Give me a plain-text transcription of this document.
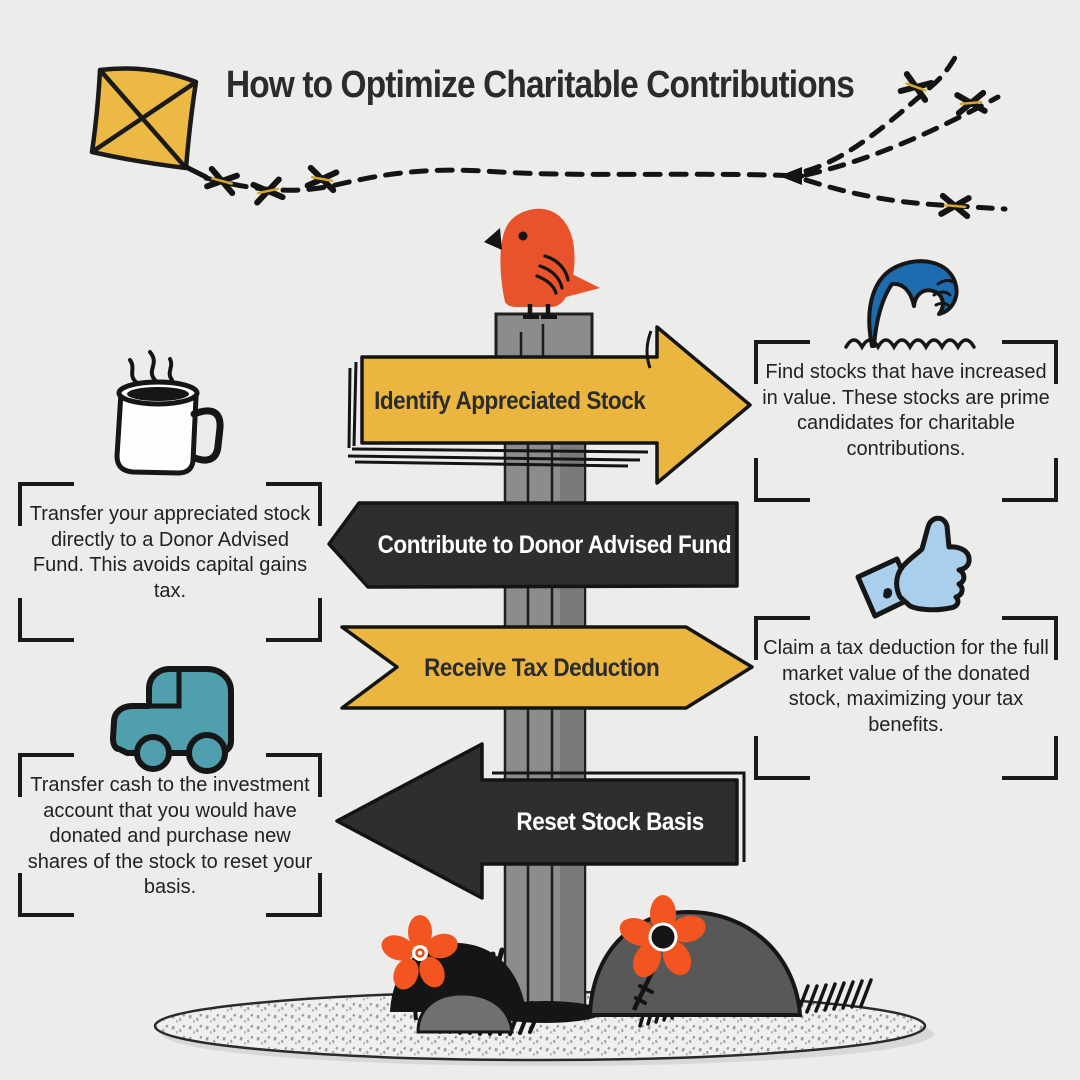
How to Optimize Charitable Contributions
Identify Appreciated Stock
Contribute to Donor Advised Fund
Receive Tax Deduction
Reset Stock Basis
Find stocks that have increased in value. These stocks are prime candidates for charitable contributions.
Transfer your appreciated stock directly to a Donor Advised Fund. This avoids capital gains tax.
Claim a tax deduction for the full market value of the donated stock, maximizing your tax benefits.
Transfer cash to the investment account that you would have donated and purchase new shares of the stock to reset your basis.
